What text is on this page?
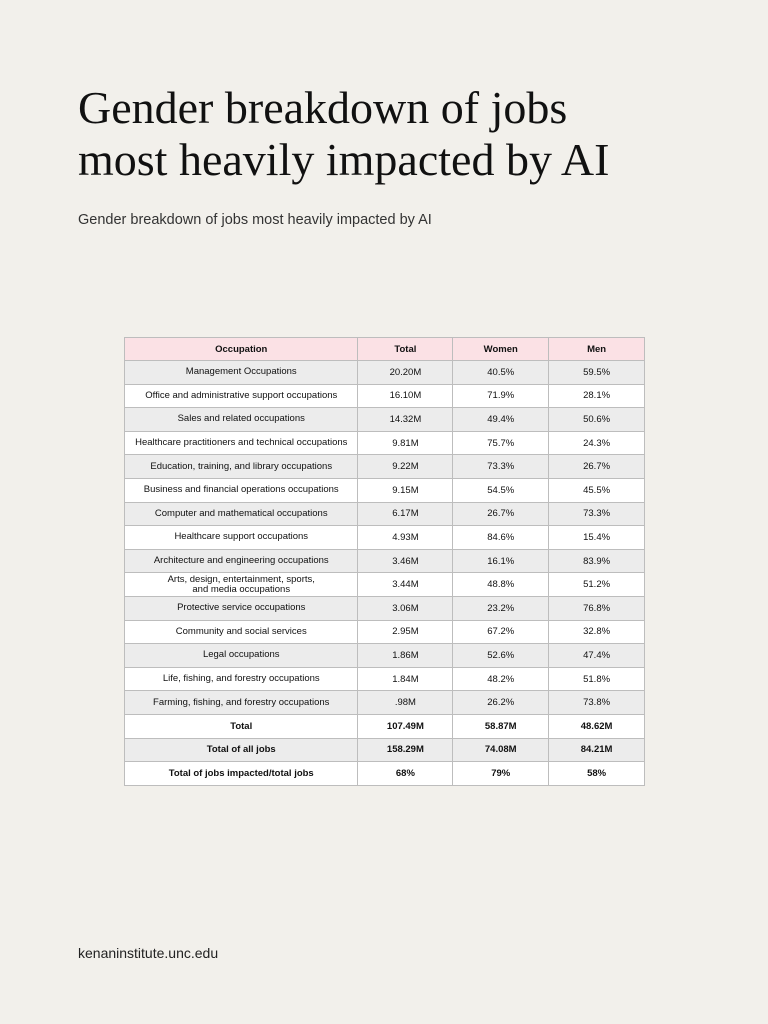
Gender breakdown of jobs
most heavily impacted by AI
Gender breakdown of jobs most heavily impacted by AI
Occupation	Total	Women	Men
Management Occupations	20.20M	40.5%	59.5%
Office and administrative support occupations	16.10M	71.9%	28.1%
Sales and related occupations	14.32M	49.4%	50.6%
Healthcare practitioners and technical occupations	9.81M	75.7%	24.3%
Education, training, and library occupations	9.22M	73.3%	26.7%
Business and financial operations occupations	9.15M	54.5%	45.5%
Computer and mathematical occupations	6.17M	26.7%	73.3%
Healthcare support occupations	4.93M	84.6%	15.4%
Architecture and engineering occupations	3.46M	16.1%	83.9%
Arts, design, entertainment, sports,
and media occupations	3.44M	48.8%	51.2%
Protective service occupations	3.06M	23.2%	76.8%
Community and social services	2.95M	67.2%	32.8%
Legal occupations	1.86M	52.6%	47.4%
Life, fishing, and forestry occupations	1.84M	48.2%	51.8%
Farming, fishing, and forestry occupations	.98M	26.2%	73.8%
Total	107.49M	58.87M	48.62M
Total of all jobs	158.29M	74.08M	84.21M
Total of jobs impacted/total jobs	68%	79%	58%
kenaninstitute.unc.edu
